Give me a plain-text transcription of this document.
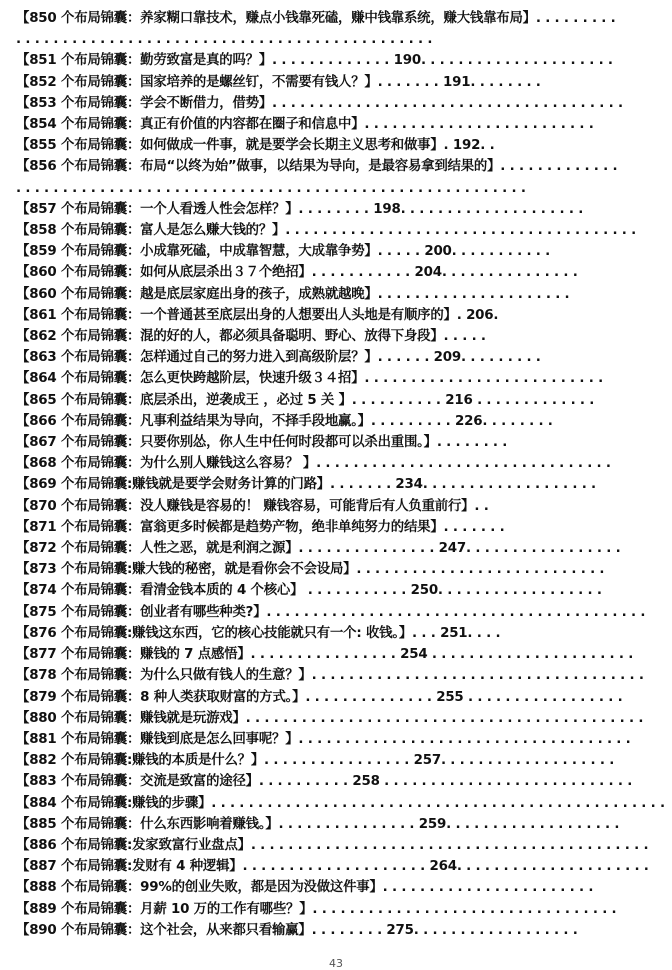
【850 个布局锦囊：养家糊口靠技术，赚点小钱靠死磕，赚中钱靠系统，赚大钱靠布局】. . . . . . . . . . . . . . . . . . . . . . . . . . . . . . . . . . . . . . . . . . . . . . . . . . . . . .
【851 个布局锦囊：勤劳致富是真的吗？】. . . . . . . . . . . . . 190. . . . . . . . . . . . . . . . . . . . .
【852 个布局锦囊：国家培养的是螺丝钉，不需要有钱人？】. . . . . . . 191. . . . . . . .
【853 个布局锦囊：学会不断借力，借势】. . . . . . . . . . . . . . . . . . . . . . . . . . . . . . . . . . . . . .
【854 个布局锦囊：真正有价值的内容都在圈子和信息中】. . . . . . . . . . . . . . . . . . . . . . . . .
【855 个布局锦囊：如何做成一件事，就是要学会长期主义思考和做事】. 192. .
【856 个布局锦囊：布局“以终为始”做事，以结果为导向，是最容易拿到结果的】. . . . . . . . . . . . . . . . . . . . . . . . . . . . . . . . . . . . . . . . . . . . . . . . . . . . . . . . . . . . . . . . . . . .
【857 个布局锦囊：一个人看透人性会怎样？】. . . . . . . . 198. . . . . . . . . . . . . . . . . . . .
【858 个布局锦囊：富人是怎么赚大钱的？】. . . . . . . . . . . . . . . . . . . . . . . . . . . . . . . . . . . . . .
【859 个布局锦囊：小成靠死磕，中成靠智慧，大成靠争势】. . . . . 200. . . . . . . . . . .
【860 个布局锦囊：如何从底层杀出３７个绝招】. . . . . . . . . . . 204. . . . . . . . . . . . . . .
【860 个布局锦囊：越是底层家庭出身的孩子，成熟就越晚】. . . . . . . . . . . . . . . . . . . . .
【861 个布局锦囊：一个普通甚至底层出身的人想要出人头地是有顺序的】. 206.
【862 个布局锦囊：混的好的人，都必须具备聪明、野心、放得下身段】. . . . .
【863 个布局锦囊：怎样通过自己的努力进入到高级阶层？】. . . . . . 209. . . . . . . . .
【864 个布局锦囊：怎么更快跨越阶层，快速升级３４招】. . . . . . . . . . . . . . . . . . . . . . . . . .
【865 个布局锦囊：底层杀出，逆袭成王 ，必过 5 关 】. . . . . . . . . . 216 . . . . . . . . . . . . .
【866 个布局锦囊：凡事利益结果为导向，不择手段地赢。】. . . . . . . . . 226. . . . . . . .
【867 个布局锦囊：只要你别怂，你人生中任何时段都可以杀出重围。】. . . . . . . .
【868 个布局锦囊：为什么别人赚钱这么容易？ 】. . . . . . . . . . . . . . . . . . . . . . . . . . . . . . . .
【869 个布局锦囊:赚钱就是要学会财务计算的门路】. . . . . . . 234. . . . . . . . . . . . . . . . . . .
【870 个布局锦囊：没人赚钱是容易的！ 赚钱容易，可能背后有人负重前行】. .
【871 个布局锦囊：富翁更多时候都是趋势产物，绝非单纯努力的结果】. . . . . . .
【872 个布局锦囊：人性之恶，就是利润之源】. . . . . . . . . . . . . . . 247. . . . . . . . . . . . . . . . .
【873 个布局锦囊:赚大钱的秘密，就是看你会不会设局】. . . . . . . . . . . . . . . . . . . . . . . . . . .
【874 个布局锦囊：看清金钱本质的 4 个核心】 . . . . . . . . . . . 250. . . . . . . . . . . . . . . . . .
【875 个布局锦囊：创业者有哪些种类?】. . . . . . . . . . . . . . . . . . . . . . . . . . . . . . . . . . . . . . . . .
【876 个布局锦囊:赚钱这东西，它的核心技能就只有一个: 收钱。】. . . 251. . . .
【877 个布局锦囊：赚钱的 7 点感悟】. . . . . . . . . . . . . . . . 254 . . . . . . . . . . . . . . . . . . . . . .
【878 个布局锦囊：为什么只做有钱人的生意？】. . . . . . . . . . . . . . . . . . . . . . . . . . . . . . . . . . . .
【879 个布局锦囊：8 种人类获取财富的方式。】. . . . . . . . . . . . . . 255 . . . . . . . . . . . . . . . . .
【880 个布局锦囊：赚钱就是玩游戏】. . . . . . . . . . . . . . . . . . . . . . . . . . . . . . . . . . . . . . . . . . .
【881 个布局锦囊：赚钱到底是怎么回事呢？】. . . . . . . . . . . . . . . . . . . . . . . . . . . . . . . . . . . .
【882 个布局锦囊:赚钱的本质是什么？】. . . . . . . . . . . . . . . . 257. . . . . . . . . . . . . . . . . . .
【883 个布局锦囊：交流是致富的途径】. . . . . . . . . . 258 . . . . . . . . . . . . . . . . . . . . . . . . . . .
【884 个布局锦囊:赚钱的步骤】. . . . . . . . . . . . . . . . . . . . . . . . . . . . . . . . . . . . . . . . . . . . . . . . .
【885 个布局锦囊：什么东西影响着赚钱。】. . . . . . . . . . . . . . . 259. . . . . . . . . . . . . . . . . . .
【886 个布局锦囊:发家致富行业盘点】. . . . . . . . . . . . . . . . . . . . . . . . . . . . . . . . . . . . . . . . . . .
【887 个布局锦囊:发财有 4 种逻辑】. . . . . . . . . . . . . . . . . . . . 264. . . . . . . . . . . . . . . . . . . . .
【888 个布局锦囊：99%的创业失败，都是因为没做这件事】. . . . . . . . . . . . . . . . . . . . . . .
【889 个布局锦囊：月薪 10 万的工作有哪些？】. . . . . . . . . . . . . . . . . . . . . . . . . . . . . . . . .
【890 个布局锦囊：这个社会，从来都只看输赢】. . . . . . . . 275. . . . . . . . . . . . . . . . . .
43
